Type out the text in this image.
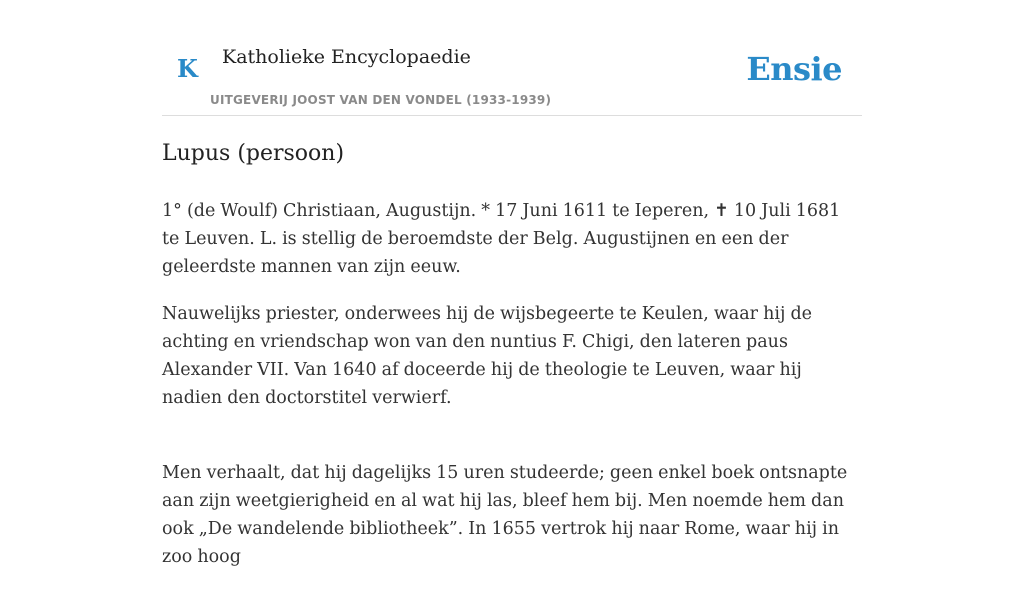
K Katholieke Encyclopaedie
UITGEVERIJ JOOST VAN DEN VONDEL (1933-1939)
Ensie
Lupus (persoon)

1° (de Woulf) Christiaan, Augustijn. * 17 Juni 1611 te Ieperen, ✝ 10 Juli 1681 te Leuven. L. is stellig de beroemdste der Belg. Augustijnen en een der geleerdste mannen van zijn eeuw.

Nauwelijks priester, onderwees hij de wijsbegeerte te Keulen, waar hij de achting en vriendschap won van den nuntius F. Chigi, den lateren paus Alexander VII. Van 1640 af doceerde hij de theologie te Leuven, waar hij nadien den doctorstitel verwierf.

Men verhaalt, dat hij dagelijks 15 uren studeerde; geen enkel boek ontsnapte aan zijn weetgierigheid en al wat hij las, bleef hem bij. Men noemde hem dan ook „De wandelende bibliotheek”. In 1655 vertrok hij naar Rome, waar hij in zoo hoog
